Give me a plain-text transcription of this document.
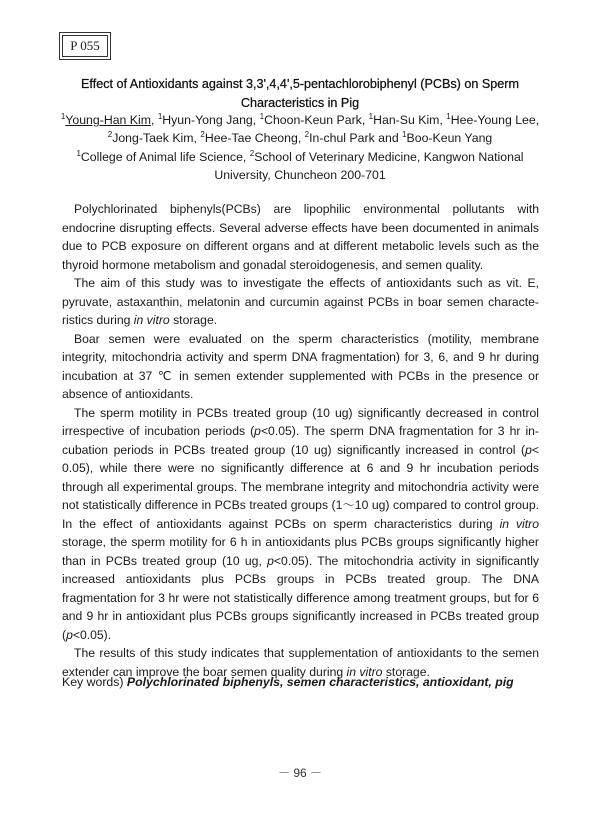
P 055
Effect of Antioxidants against 3,3',4,4',5-pentachlorobiphenyl (PCBs) on Sperm
Characteristics in Pig
$^1$Young-Han Kim, $^1$Hyun-Yong Jang, $^1$Choon-Keun Park, $^1$Han-Su Kim, $^1$Hee-Young Lee, $^2$Jong-Taek Kim, $^2$Hee-Tae Cheong, $^2$In-chul Park and $^1$Boo-Keun Yang
$^1$College of Animal life Science, $^2$School of Veterinary Medicine, Kangwon National University, Chuncheon 200-701

Polychlorinated biphenyls(PCBs) are lipophilic environmental pollutants with endocrine disrupting effects. Several adverse effects have been documented in animals due to PCB exposure on different organs and at different metabolic levels such as the thyroid hormone metabolism and gonadal steroidogenesis, and semen quality.

The aim of this study was to investigate the effects of antioxidants such as vit. E, pyruvate, astaxanthin, melatonin and curcumin against PCBs in boar semen characte-ristics during in vitro storage.

Boar semen were evaluated on the sperm characteristics (motility, membrane integrity, mitochondria activity and sperm DNA fragmentation) for 3, 6, and 9 hr during incubation at 37 ℃ in semen extender supplemented with PCBs in the presence or absence of antioxidants.

The sperm motility in PCBs treated group (10 ug) significantly decreased in control irrespective of incubation periods (p<0.05). The sperm DNA fragmentation for 3 hr in-cubation periods in PCBs treated group (10 ug) significantly increased in control (p< 0.05), while there were no significantly difference at 6 and 9 hr incubation periods through all experimental groups. The membrane integrity and mitochondria activity were not statistically difference in PCBs treated groups (1～10 ug) compared to control group. In the effect of antioxidants against PCBs on sperm characteristics during in vitro storage, the sperm motility for 6 h in antioxidants plus PCBs groups significantly higher than in PCBs treated group (10 ug, p<0.05). The mitochondria activity in significantly increased antioxidants plus PCBs groups in PCBs treated group. The DNA fragmentation for 3 hr were not statistically difference among treatment groups, but for 6 and 9 hr in antioxidant plus PCBs groups significantly increased in PCBs treated group (p<0.05).

The results of this study indicates that supplementation of antioxidants to the semen extender can improve the boar semen quality during in vitro storage.

Key words) Polychlorinated biphenyls, semen characteristics, antioxidant, pig
－ 96 －
